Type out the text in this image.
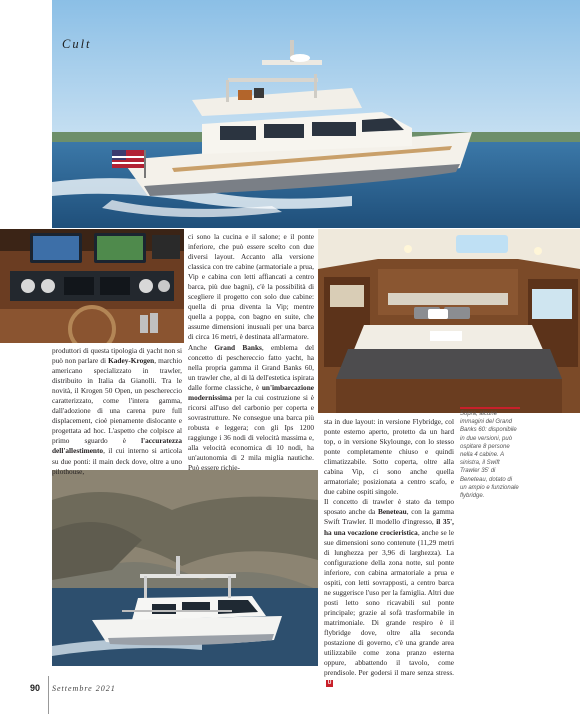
Cult

produttori di questa tipologia di yacht non si può non parlare di Kadey-Krogen, marchio americano specializzato in trawler, distribuito in Italia da Gianolli. Tra le novità, il Krogen 50 Open, un peschereccio caratterizzato, come l'intera gamma, dall'adozione di una carena pure full displacement, cioè pienamente dislocante e progettata ad hoc. L'aspetto che colpisce al primo sguardo è l'accuratezza dell'allestimento, il cui interno si articola su due ponti: il main deck dove, oltre a uno pilothouse,

ci sono la cucina e il salone; e il ponte inferiore, che può essere scelto con due diversi layout. Accanto alla versione classica con tre cabine (armatoriale a prua, Vip e cabina con letti affiancati a centro barca, più due bagni), c'è la possibilità di scegliere il progetto con solo due cabine: quella di prua diventa la Vip; mentre quella a poppa, con bagno en suite, che assume dimensioni inusuali per una barca di circa 16 metri, è destinata all'armatore.

Anche Grand Banks, emblema del concetto di peschereccio fatto yacht, ha nella propria gamma il Grand Banks 60, un trawler che, al di là dell'estetica ispirata dalle forme classiche, è un'imbarcazione modernissima per la cui costruzione si è ricorsi all'uso del carbonio per coperta e sovrastrutture. Ne consegue una barca più robusta e leggera; con gli Ips 1200 raggiunge i 36 nodi di velocità massima e, alla velocità economica di 10 nodi, ha un'autonomia di 2 mila miglia nautiche. Può essere richie-

sta in due layout: in versione Flybridge, col ponte esterno aperto, protetto da un hard top, o in versione Skylounge, con lo stesso ponte completamente chiuso e quindi climatizzabile. Sotto coperta, oltre alla cabina Vip, ci sono anche quella armatoriale; posizionata a centro scafo, e due cabine ospiti singole.

Il concetto di trawler è stato da tempo sposato anche da Beneteau, con la gamma Swift Trawler. Il modello d'ingresso, il 35', ha una vocazione crocieristica, anche se le sue dimensioni sono contenute (11,29 metri di lunghezza per 3,96 di larghezza). La configurazione della zona notte, sul ponte inferiore, con cabina armatoriale a prua e ospiti, con letti sovrapposti, a centro barca ne suggerisce l'uso per la famiglia. Altri due posti letto sono ricavabili sul ponte principale; grazie al sofà trasformabile in matrimoniale. Di grande respiro è il flybridge dove, oltre alla seconda postazione di governo, c'è una grande area utilizzabile come zona pranzo esterna oppure, abbattendo il tavolo, come prendisole. Per godersi il mare senza stress.U

Sopra, alcune immagini del Grand Banks 60: disponibile in due versioni, può ospitare 8 persone nella 4 cabine. A sinistra, il Swift Trawler 35' di Beneteau, dotato di un ampio e funzionale flybridge.
90 Settembre 2021
